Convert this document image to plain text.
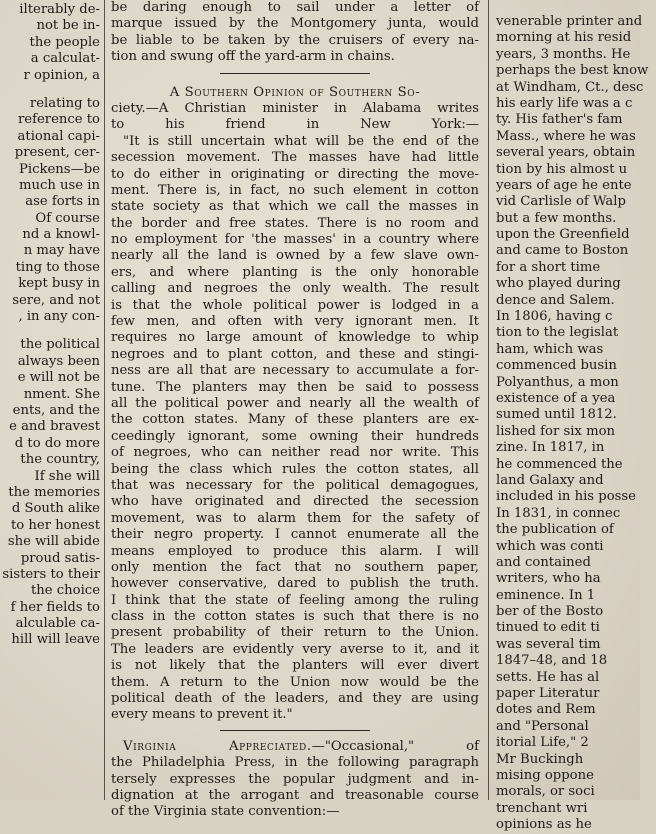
ilterably de-
not be in-
the people
a calculat-
r opinion, a
relating to
reference to
ational capi-
present, cer-
Pickens—be
much use in
ase forts in
Of course
nd a knowl-
n may have
ting to those
kept busy in
sere, and not
, in any con-
the political
always been
e will not be
nment. She
ents, and the
e and bravest
d to do more
the country,
If she will
the memories
d South alike
to her honest
she will abide
proud satis-
sisters to their
the choice
f her fields to
alculable ca-
hill will leave
be daring enough to sail under a letter of
marque issued by the Montgomery junta, would
be liable to be taken by the cruisers of every na-
tion and swung off the yard-arm in chains.
A Southern Opinion of Southern So-
ciety.—A Christian minister in Alabama writes
to his friend in New York:—
"It is still uncertain what will be the end of the
secession movement. The masses have had little
to do either in originating or directing the move-
ment. There is, in fact, no such element in cotton
state society as that which we call the masses in
the border and free states. There is no room and
no employment for 'the masses' in a country where
nearly all the land is owned by a few slave own-
ers, and where planting is the only honorable
calling and negroes the only wealth. The result
is that the whole political power is lodged in a
few men, and often with very ignorant men. It
requires no large amount of knowledge to whip
negroes and to plant cotton, and these and stingi-
ness are all that are necessary to accumulate a for-
tune. The planters may then be said to possess
all the political power and nearly all the wealth of
the cotton states. Many of these planters are ex-
ceedingly ignorant, some owning their hundreds
of negroes, who can neither read nor write. This
being the class which rules the cotton states, all
that was necessary for the political demagogues,
who have originated and directed the secession
movement, was to alarm them for the safety of
their negro property. I cannot enumerate all the
means employed to produce this alarm. I will
only mention the fact that no southern paper,
however conservative, dared to publish the truth.
I think that the state of feeling among the ruling
class in the cotton states is such that there is no
present probability of their return to the Union.
The leaders are evidently very averse to it, and it
is not likely that the planters will ever divert
them. A return to the Union now would be the
political death of the leaders, and they are using
every means to prevent it."
Virginia Appreciated.—"Occasional," of
the Philadelphia Press, in the following paragraph
tersely expresses the popular judgment and in-
dignation at the arrogant and treasonable course
of the Virginia state convention:—
venerable printer and
morning at his resid
years, 3 months. He
perhaps the best know
at Windham, Ct., desc
his early life was a c
ty. His father's fam
Mass., where he was
several years, obtain
tion by his almost u
years of age he ente
vid Carlisle of Walp
but a few months.
upon the Greenfield
and came to Boston
for a short time
who played during
dence and Salem.
In 1806, having c
tion to the legislat
ham, which was
commenced busin
Polyanthus, a mon
existence of a yea
sumed until 1812.
lished for six mon
zine. In 1817, in
he commenced the
land Galaxy and
included in his posse
In 1831, in connec
the publication of
which was conti
and contained
writers, who ha
eminence. In 1
ber of the Bosto
tinued to edit ti
was several tim
1847–48, and 18
setts. He has al
paper Literatur
dotes and Rem
and "Personal
itorial Life," 2
Mr Buckingh
mising oppone
morals, or soci
trenchant wri
opinions as he
